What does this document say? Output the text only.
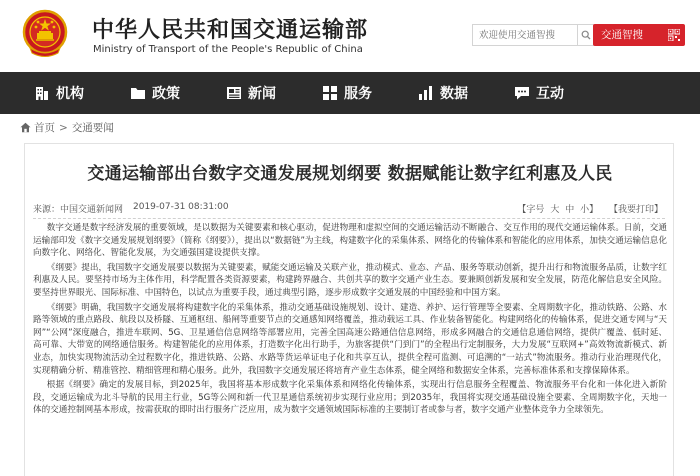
中华人民共和国交通运输部
Ministry of Transport of the People's Republic of China
欢迎使用交通智搜
交通智搜
机构	政策	新闻	服务	数据	互动
首页 > 交通要闻
交通运输部出台数字交通发展规划纲要 数据赋能让数字红利惠及人民
来源：中国交通新闻网 2019-07-31 08:31:00	【字号 大 中 小】 【我要打印】

数字交通是数字经济发展的重要领域，是以数据为关键要素和核心驱动，促进物理和虚拟空间的交通运输活动不断融合、交互作用的现代交通运输体系。日前，交通运输部印发《数字交通发展规划纲要》（简称《纲要》），提出以“数据链”为主线，构建数字化的采集体系、网络化的传输体系和智能化的应用体系，加快交通运输信息化向数字化、网络化、智能化发展，为交通强国建设提供支撑。

《纲要》提出，我国数字交通发展要以数据为关键要素，赋能交通运输及关联产业，推动模式、业态、产品、服务等联动创新，提升出行和物流服务品质，让数字红利惠及人民。要坚持市场为主体作用，科学配置各类资源要素，构建跨界融合、共创共享的数字交通产业生态。要兼顾创新发展和安全发展，防范化解信息安全风险。要坚持世界眼光、国际标准、中国特色，以试点为重要手段，通过典型引路，逐步形成数字交通发展的中国经验和中国方案。

《纲要》明确，我国数字交通发展将构建数字化的采集体系，推动交通基础设施规划、设计、建造、养护、运行管理等全要素、全周期数字化，推动铁路、公路、水路等领域的重点路段、航段以及桥隧、互通枢纽、船闸等重要节点的交通感知网络覆盖，推动载运工具、作业装备智能化。构建网络化的传输体系，促进交通专网与“天网”“公网”深度融合，推进车联网、5G、卫星通信信息网络等部署应用，完善全国高速公路通信信息网络，形成多网融合的交通信息通信网络，提供广覆盖、低时延、高可靠、大带宽的网络通信服务。构建智能化的应用体系，打造数字化出行助手，为旅客提供“门到门”的全程出行定制服务，大力发展“互联网+”高效物流新模式、新业态，加快实现物流活动全过程数字化，推进铁路、公路、水路等货运单证电子化和共享互认，提供全程可监测、可追溯的“一站式”物流服务。推动行业治理现代化，实现精确分析、精准管控、精细管理和精心服务。此外，我国数字交通发展还将培育产业生态体系，健全网络和数据安全体系，完善标准体系和支撑保障体系。

根据《纲要》确定的发展目标，到2025年，我国将基本形成数字化采集体系和网络化传输体系，实现出行信息服务全程覆盖、物流服务平台化和一体化进入新阶段，交通运输成为北斗导航的民用主行业，5G等公网和新一代卫星通信系统初步实现行业应用；到2035年，我国将实现交通基础设施全要素、全周期数字化，天地一体的交通控制网基本形成，按需获取的即时出行服务广泛应用，成为数字交通领域国际标准的主要制订者或参与者，数字交通产业整体竞争力全球领先。
